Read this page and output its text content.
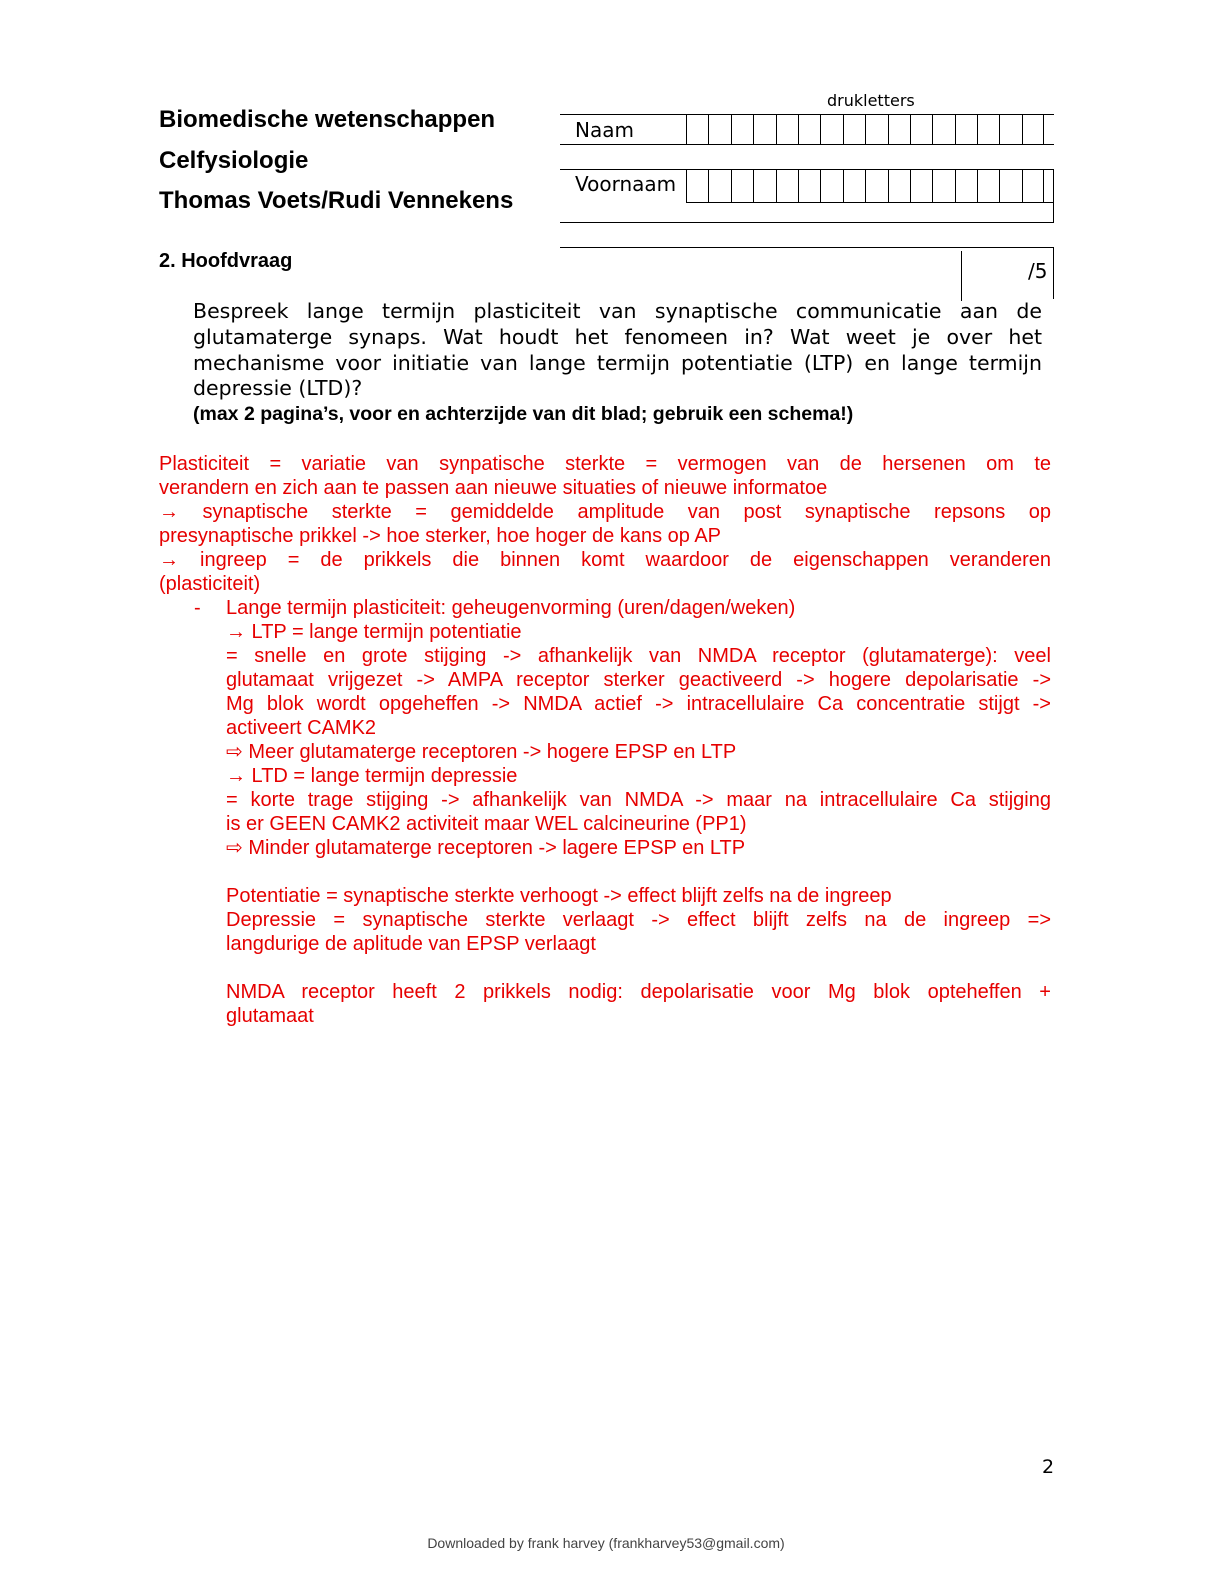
Biomedische wetenschappen
Celfysiologie
Thomas Voets/Rudi Vennekens
drukletters
Naam
Voornaam
/5
2. Hoofdvraag
Bespreek lange termijn plasticiteit van synaptische communicatie aan de glutamaterge synaps. Wat houdt het fenomeen in? Wat weet je over het mechanisme voor initiatie van lange termijn potentiatie (LTP) en lange termijn depressie (LTD)?
(max 2 pagina’s, voor en achterzijde van dit blad; gebruik een schema!)

Plasticiteit = variatie van synpatische sterkte = vermogen van de hersenen om te

verandern en zich aan te passen aan nieuwe situaties of nieuwe informatoe

→ synaptische sterkte = gemiddelde amplitude van post synaptische repsons op

presynaptische prikkel -> hoe sterker, hoe hoger de kans op AP

→ ingreep = de prikkels die binnen komt waardoor de eigenschappen veranderen

(plasticiteit)

- Lange termijn plasticiteit: geheugenvorming (uren/dagen/weken)

→ LTP = lange termijn potentiatie

= snelle en grote stijging -> afhankelijk van NMDA receptor (glutamaterge): veel

glutamaat vrijgezet -> AMPA receptor sterker geactiveerd -> hogere depolarisatie ->

Mg blok wordt opgeheffen -> NMDA actief -> intracellulaire Ca concentratie stijgt ->

activeert CAMK2

⇨ Meer glutamaterge receptoren -> hogere EPSP en LTP

→ LTD = lange termijn depressie

= korte trage stijging -> afhankelijk van NMDA -> maar na intracellulaire Ca stijging

is er GEEN CAMK2 activiteit maar WEL calcineurine (PP1)

⇨ Minder glutamaterge receptoren -> lagere EPSP en LTP

Potentiatie = synaptische sterkte verhoogt -> effect blijft zelfs na de ingreep

Depressie = synaptische sterkte verlaagt -> effect blijft zelfs na de ingreep =>

langdurige de aplitude van EPSP verlaagt

NMDA receptor heeft 2 prikkels nodig: depolarisatie voor Mg blok opteheffen +

glutamaat

2
Downloaded by frank harvey (frankharvey53@gmail.com)
